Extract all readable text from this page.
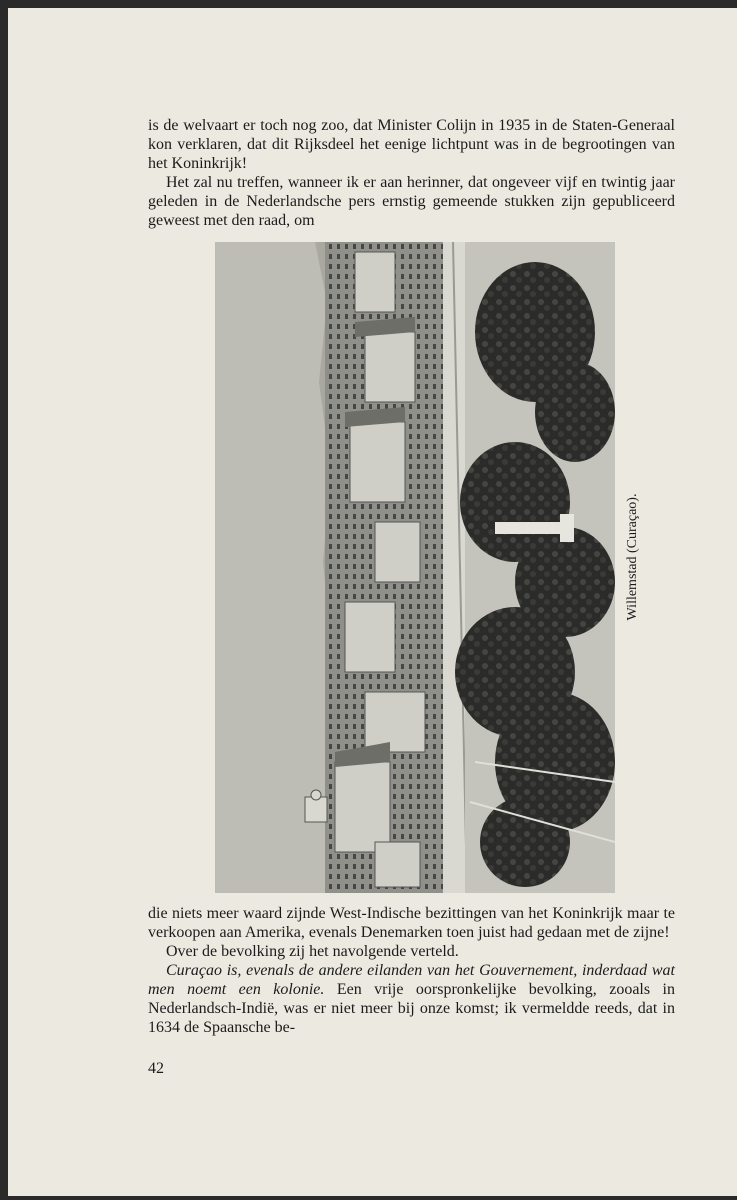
is de welvaart er toch nog zoo, dat Minister Colijn in 1935 in de Staten-Generaal kon verklaren, dat dit Rijksdeel het eenige lichtpunt was in de begrootingen van het Koninkrijk!

Het zal nu treffen, wanneer ik er aan herinner, dat ongeveer vijf en twintig jaar geleden in de Nederlandsche pers ernstig gemeende stukken zijn gepubliceerd geweest met den raad, om

Willemstad (Curaçao).

die niets meer waard zijnde West-Indische bezittingen van het Koninkrijk maar te verkoopen aan Amerika, evenals Denemarken toen juist had gedaan met de zijne!

Over de bevolking zij het navolgende verteld.

Curaçao is, evenals de andere eilanden van het Gouvernement, inderdaad wat men noemt een kolonie. Een vrije oorspronkelijke bevolking, zooals in Nederlandsch-Indië, was er niet meer bij onze komst; ik vermeldde reeds, dat in 1634 de Spaansche be-

42
